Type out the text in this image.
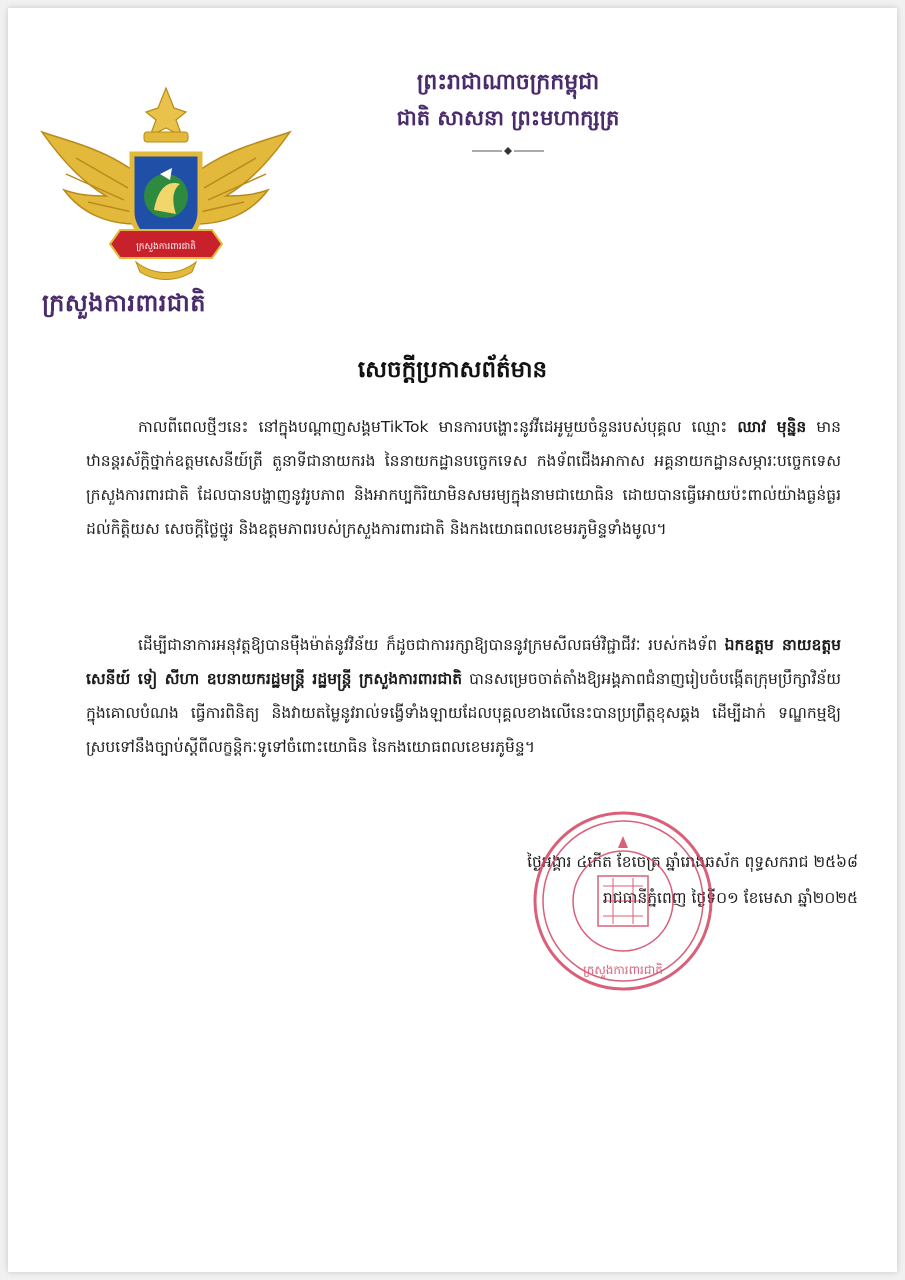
ក្រសួងការពារជាតិ
ក្រសួងការពារជាតិ
ព្រះរាជាណាចក្រកម្ពុជា
ជាតិ សាសនា ព្រះមហាក្សត្រ
សេចក្តីប្រកាសព័ត៌មាន
កាលពីពេលថ្មីៗនេះ នៅក្នុងបណ្តាញសង្គមTikTok មានការបង្ហោះនូវវីដេអូមួយចំនួនរបស់បុគ្គល ឈ្មោះ ឈាវ មុន្និន មានឋានន្តរស័ក្តិថ្នាក់ឧត្តមសេនីយ៍ត្រី តួនាទីជានាយករង នៃនាយកដ្ឋានបច្ចេកទេស កងទ័ពជើងអាកាស អគ្គនាយកដ្ឋានសម្ភារៈបច្ចេកទេស ក្រសួងការពារជាតិ ដែលបានបង្ហាញនូវរូបភាព និងអាកប្បកិរិយាមិនសមរម្យក្នុងនាមជាយោធិន ដោយបានធ្វើអោយប៉ះពាល់យ៉ាងធ្ងន់ធ្ងរដល់កិត្តិយស សេចក្តីថ្លៃថ្នូរ និងឧត្តមភាពរបស់ក្រសួងការពារជាតិ និងកងយោធពលខេមរភូមិន្ទទាំងមូល។
ដើម្បីជានាការអនុវត្តឱ្យបានម៉ឺងម៉ាត់នូវវិន័យ ក៏ដូចជាការរក្សាឱ្យបាននូវក្រមសីលធម៌វិជ្ជាជីវៈ របស់កងទ័ព ឯកឧត្តម នាយឧត្តមសេនីយ៍ ទៀ សីហា ឧបនាយករដ្ឋមន្ត្រី រដ្ឋមន្ត្រី ក្រសួងការពារជាតិ បានសម្រេចចាត់តាំងឱ្យអង្គភាពជំនាញរៀបចំបង្កើតក្រុមប្រឹក្សាវិន័យ ក្នុងគោលបំណង ធ្វើការពិនិត្យ និងវាយតម្លៃនូវរាល់ទង្វើទាំងឡាយដែលបុគ្គលខាងលើនេះបានប្រព្រឹត្តខុសឆ្គង ដើម្បីដាក់ ទណ្ឌកម្មឱ្យស្របទៅនឹងច្បាប់ស្តីពីលក្ខន្តិកៈទូទៅចំពោះយោធិន នៃកងយោធពលខេមរភូមិន្ទ។
ថ្ងៃអង្គារ ៤កើត ខែចេត្រ ឆ្នាំរោងឆស័ក ពុទ្ធសករាជ ២៥៦៨
រាជធានីភ្នំពេញ ថ្ងៃទី០១ ខែមេសា ឆ្នាំ២០២៥
ក្រសួងការពារជាតិ
